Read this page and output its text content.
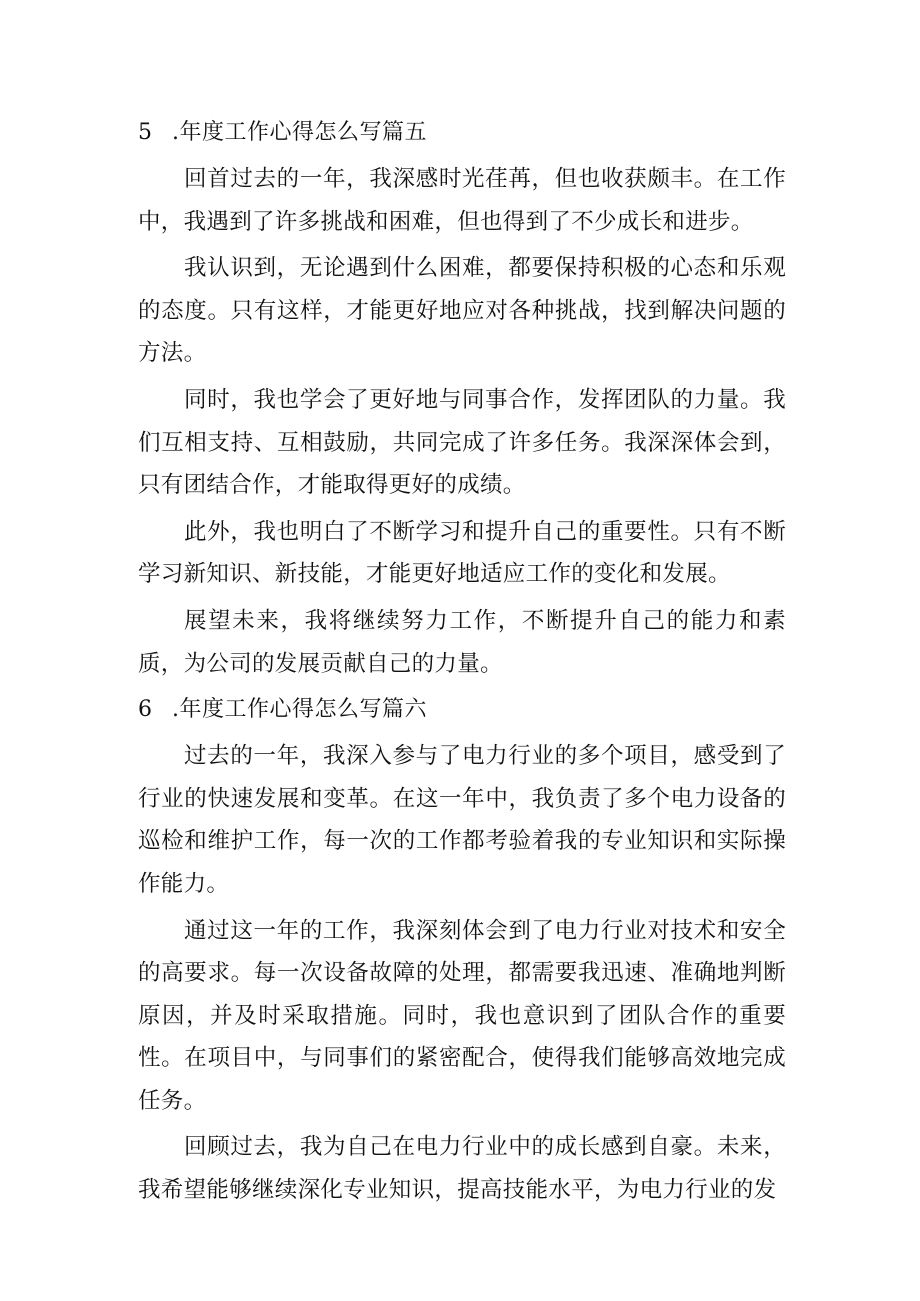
5 .年度工作心得怎么写篇五

回首过去的一年，我深感时光荏苒，但也收获颇丰。在工作中，我遇到了许多挑战和困难，但也得到了不少成长和进步。

我认识到，无论遇到什么困难，都要保持积极的心态和乐观的态度。只有这样，才能更好地应对各种挑战，找到解决问题的方法。

同时，我也学会了更好地与同事合作，发挥团队的力量。我们互相支持、互相鼓励，共同完成了许多任务。我深深体会到，只有团结合作，才能取得更好的成绩。

此外，我也明白了不断学习和提升自己的重要性。只有不断学习新知识、新技能，才能更好地适应工作的变化和发展。

展望未来，我将继续努力工作，不断提升自己的能力和素质，为公司的发展贡献自己的力量。

6 .年度工作心得怎么写篇六

过去的一年，我深入参与了电力行业的多个项目，感受到了行业的快速发展和变革。在这一年中，我负责了多个电力设备的巡检和维护工作，每一次的工作都考验着我的专业知识和实际操作能力。

通过这一年的工作，我深刻体会到了电力行业对技术和安全的高要求。每一次设备故障的处理，都需要我迅速、准确地判断原因，并及时采取措施。同时，我也意识到了团队合作的重要性。在项目中，与同事们的紧密配合，使得我们能够高效地完成任务。

回顾过去，我为自己在电力行业中的成长感到自豪。未来，我希望能够继续深化专业知识，提高技能水平，为电力行业的发
